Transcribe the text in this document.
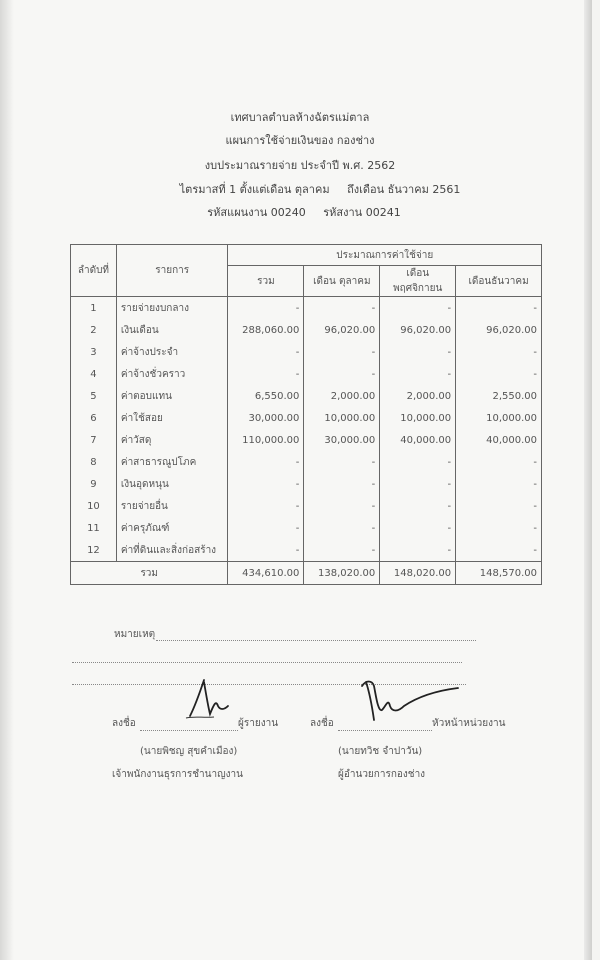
เทศบาลตำบลห้างฉัตรแม่ตาล
แผนการใช้จ่ายเงินของ กองช่าง
งบประมาณรายจ่าย ประจำปี พ.ศ. 2562
ไตรมาสที่ 1 ตั้งแต่เดือน ตุลาคม ถึงเดือน ธันวาคม 2561
รหัสแผนงาน 00240 รหัสงาน 00241
ลำดับที่	รายการ	ประมาณการค่าใช้จ่าย			
		รวม	เดือน ตุลาคม	เดือน พฤศจิกายน	เดือนธันวาคม
1	รายจ่ายงบกลาง	-	-	-	-
2	เงินเดือน	288,060.00	96,020.00	96,020.00	96,020.00
3	ค่าจ้างประจำ	-	-	-	-
4	ค่าจ้างชั่วคราว	-	-	-	-
5	ค่าตอบแทน	6,550.00	2,000.00	2,000.00	2,550.00
6	ค่าใช้สอย	30,000.00	10,000.00	10,000.00	10,000.00
7	ค่าวัสดุ	110,000.00	30,000.00	40,000.00	40,000.00
8	ค่าสาธารณูปโภค	-	-	-	-
9	เงินอุดหนุน	-	-	-	-
10	รายจ่ายอื่น	-	-	-	-
11	ค่าครุภัณฑ์	-	-	-	-
12	ค่าที่ดินและสิ่งก่อสร้าง	-	-	-	-
รวม		434,610.00	138,020.00	148,020.00	148,570.00
หมายเหตุ
ลงชื่อ	ผู้รายงาน
(นายพิชญ สุขคำเมือง)
เจ้าพนักงานธุรการชำนาญงาน
ลงชื่อ	หัวหน้าหน่วยงาน
(นายทวิช จำปาวัน)
ผู้อำนวยการกองช่าง
